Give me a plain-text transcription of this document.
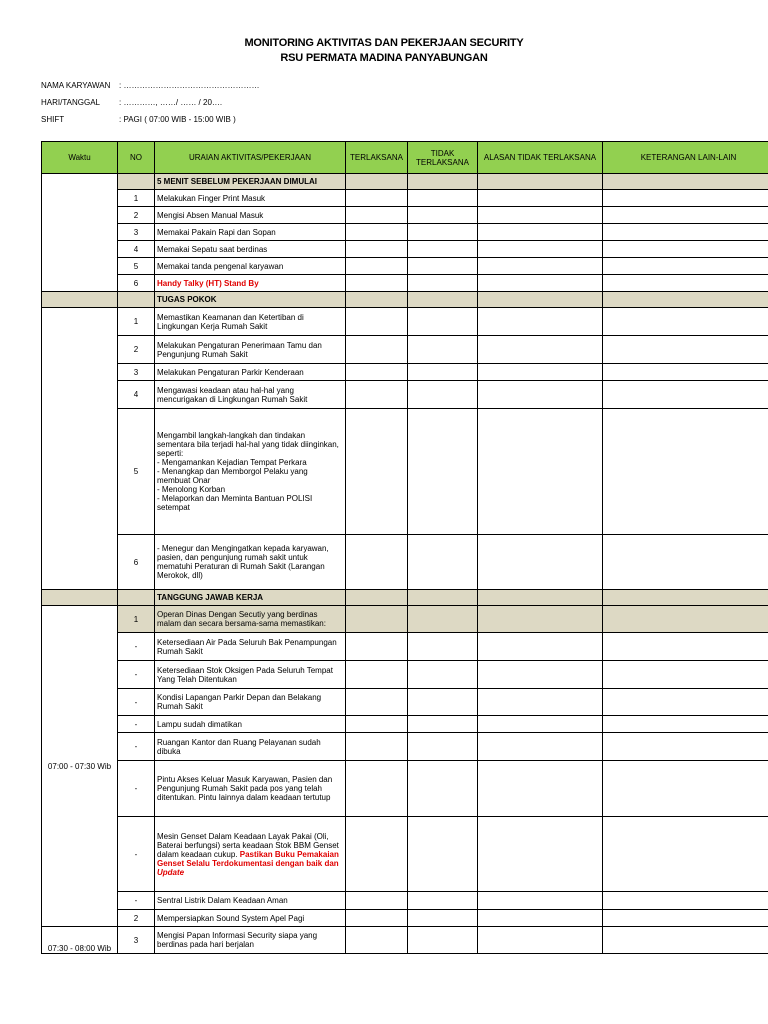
MONITORING AKTIVITAS DAN PEKERJAAN SECURITY
RSU PERMATA MADINA PANYABUNGAN
NAMA KARYAWAN : ……………………………………………
HARI/TANGGAL : …………, ……/ …… / 20….
SHIFT	: PAGI ( 07:00 WIB - 15:00 WIB )
Waktu	NO	URAIAN AKTIVITAS/PEKERJAAN	TERLAKSANA	TIDAK TERLAKSANA	ALASAN TIDAK TERLAKSANA	KETERANGAN LAIN-LAIN
		5 MENIT SEBELUM PEKERJAAN DIMULAI				
	1	Melakukan Finger Print Masuk				
	2	Mengisi Absen Manual Masuk				
	3	Memakai Pakain Rapi dan Sopan				
	4	Memakai Sepatu saat berdinas				
	5	Memakai tanda pengenal karyawan				
	6	Handy Talky (HT) Stand By				
		TUGAS POKOK				
	1	Memastikan Keamanan dan Ketertiban di Lingkungan Kerja Rumah Sakit				
	2	Melakukan Pengaturan Penerimaan Tamu dan Pengunjung Rumah Sakit				
	3	Melakukan Pengaturan Parkir Kenderaan				
	4	Mengawasi keadaan atau hal-hal yang mencurigakan di Lingkungan Rumah Sakit				
	5	Mengambil langkah-langkah dan tindakan sementara bila terjadi hal-hal yang tidak diinginkan, seperti:
- Mengamankan Kejadian Tempat Perkara
- Menangkap dan Memborgol Pelaku yang membuat Onar
- Menolong Korban
- Melaporkan dan Meminta Bantuan POLISI setempat				
	6	- Menegur dan Mengingatkan kepada karyawan, pasien, dan pengunjung rumah sakit untuk mematuhi Peraturan di Rumah Sakit (Larangan Merokok, dll)				
		TANGGUNG JAWAB KERJA				
07:00 - 07:30 Wib	1	Operan Dinas Dengan Secutiy yang berdinas malam dan secara bersama-sama memastikan:				
	-	Ketersediaan Air Pada Seluruh Bak Penampungan Rumah Sakit				
	-	Ketersediaan Stok Oksigen Pada Seluruh Tempat Yang Telah Ditentukan				
	-	Kondisi Lapangan Parkir Depan dan Belakang Rumah Sakit				
	-	Lampu sudah dimatikan				
	-	Ruangan Kantor dan Ruang Pelayanan sudah dibuka				
	-	Pintu Akses Keluar Masuk Karyawan, Pasien dan Pengunjung Rumah Sakit pada pos yang telah ditentukan. Pintu lainnya dalam keadaan tertutup				
	-	Mesin Genset Dalam Keadaan Layak Pakai (Oli, Baterai berfungsi) serta keadaan Stok BBM Genset dalam keadaan cukup. Pastikan Buku Pemakaian Genset Selalu Terdokumentasi dengan baik dan Update				
	-	Sentral Listrik Dalam Keadaan Aman				
	2	Mempersiapkan Sound System Apel Pagi				
07:30 - 08:00 Wib	3	Mengisi Papan Informasi Security siapa yang berdinas pada hari berjalan				
